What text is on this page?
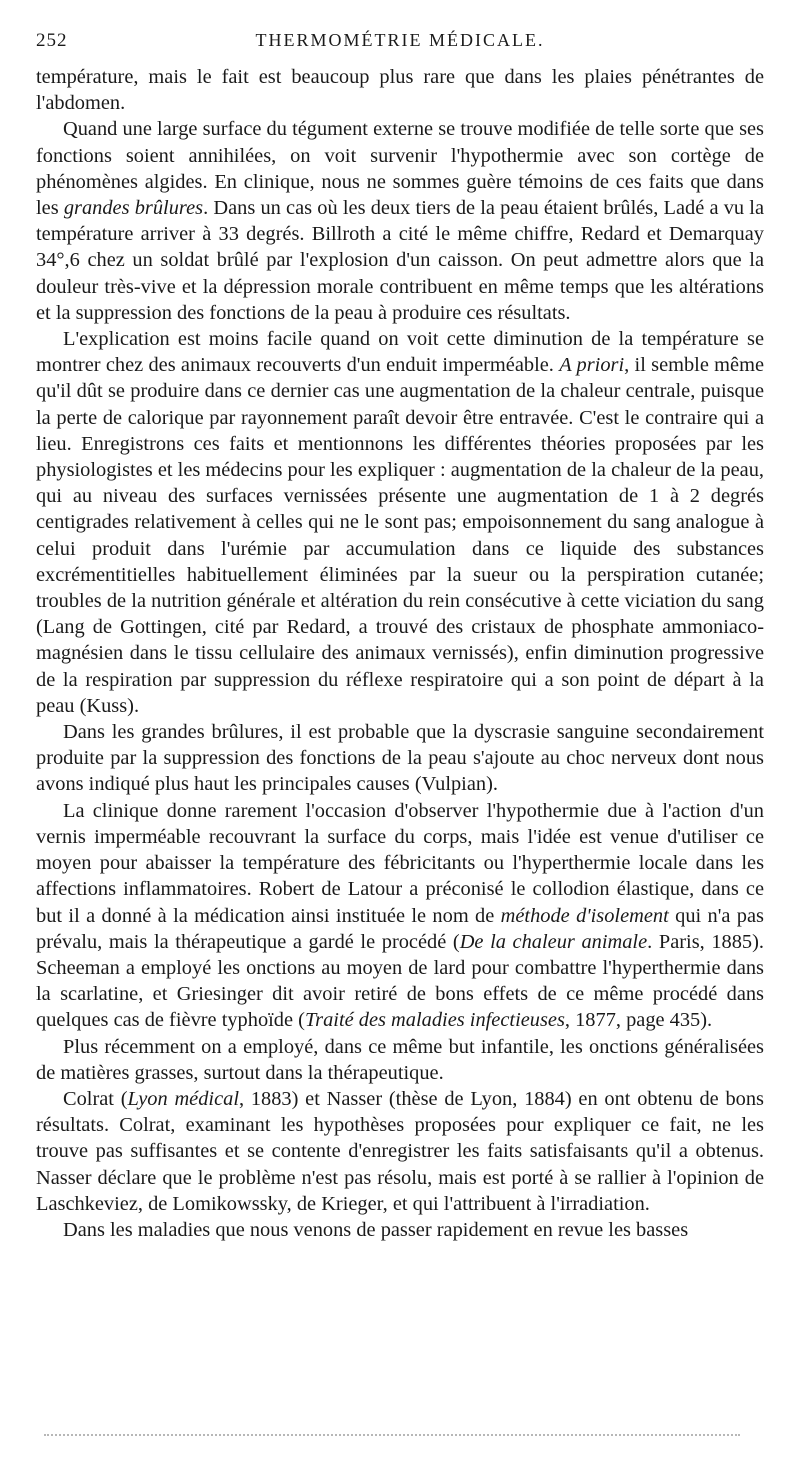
252	THERMOMÉTRIE MÉDICALE.

température, mais le fait est beaucoup plus rare que dans les plaies pénétrantes de l'abdomen.

Quand une large surface du tégument externe se trouve modifiée de telle sorte que ses fonctions soient annihilées, on voit survenir l'hypothermie avec son cortège de phénomènes algides. En clinique, nous ne sommes guère témoins de ces faits que dans les grandes brûlures. Dans un cas où les deux tiers de la peau étaient brûlés, Ladé a vu la température arriver à 33 degrés. Billroth a cité le même chiffre, Redard et Demarquay 34°,6 chez un soldat brûlé par l'explosion d'un caisson. On peut admettre alors que la douleur très-vive et la dépression morale contribuent en même temps que les altérations et la suppression des fonctions de la peau à produire ces résultats.

L'explication est moins facile quand on voit cette diminution de la température se montrer chez des animaux recouverts d'un enduit imperméable. A priori, il semble même qu'il dût se produire dans ce dernier cas une augmentation de la chaleur centrale, puisque la perte de calorique par rayonnement paraît devoir être entravée. C'est le contraire qui a lieu. Enregistrons ces faits et mentionnons les différentes théories proposées par les physiologistes et les médecins pour les expliquer : augmentation de la chaleur de la peau, qui au niveau des surfaces vernissées présente une augmentation de 1 à 2 degrés centigrades relativement à celles qui ne le sont pas; empoisonnement du sang analogue à celui produit dans l'urémie par accumulation dans ce liquide des substances excrémentitielles habituellement éliminées par la sueur ou la perspiration cutanée; troubles de la nutrition générale et altération du rein consécutive à cette viciation du sang (Lang de Gottingen, cité par Redard, a trouvé des cristaux de phosphate ammoniaco-magnésien dans le tissu cellulaire des animaux vernissés), enfin diminution progressive de la respiration par suppression du réflexe respiratoire qui a son point de départ à la peau (Kuss).

Dans les grandes brûlures, il est probable que la dyscrasie sanguine secondairement produite par la suppression des fonctions de la peau s'ajoute au choc nerveux dont nous avons indiqué plus haut les principales causes (Vulpian).

La clinique donne rarement l'occasion d'observer l'hypothermie due à l'action d'un vernis imperméable recouvrant la surface du corps, mais l'idée est venue d'utiliser ce moyen pour abaisser la température des fébricitants ou l'hyperthermie locale dans les affections inflammatoires. Robert de Latour a préconisé le collodion élastique, dans ce but il a donné à la médication ainsi instituée le nom de méthode d'isolement qui n'a pas prévalu, mais la thérapeutique a gardé le procédé (De la chaleur animale. Paris, 1885). Scheeman a employé les onctions au moyen de lard pour combattre l'hyperthermie dans la scarlatine, et Griesinger dit avoir retiré de bons effets de ce même procédé dans quelques cas de fièvre typhoïde (Traité des maladies infectieuses, 1877, page 435).

Plus récemment on a employé, dans ce même but infantile, les onctions généralisées de matières grasses, surtout dans la thérapeutique.

Colrat (Lyon médical, 1883) et Nasser (thèse de Lyon, 1884) en ont obtenu de bons résultats. Colrat, examinant les hypothèses proposées pour expliquer ce fait, ne les trouve pas suffisantes et se contente d'enregistrer les faits satisfaisants qu'il a obtenus. Nasser déclare que le problème n'est pas résolu, mais est porté à se rallier à l'opinion de Laschkeviez, de Lomikowssky, de Krieger, et qui l'attribuent à l'irradiation.

Dans les maladies que nous venons de passer rapidement en revue les basses
